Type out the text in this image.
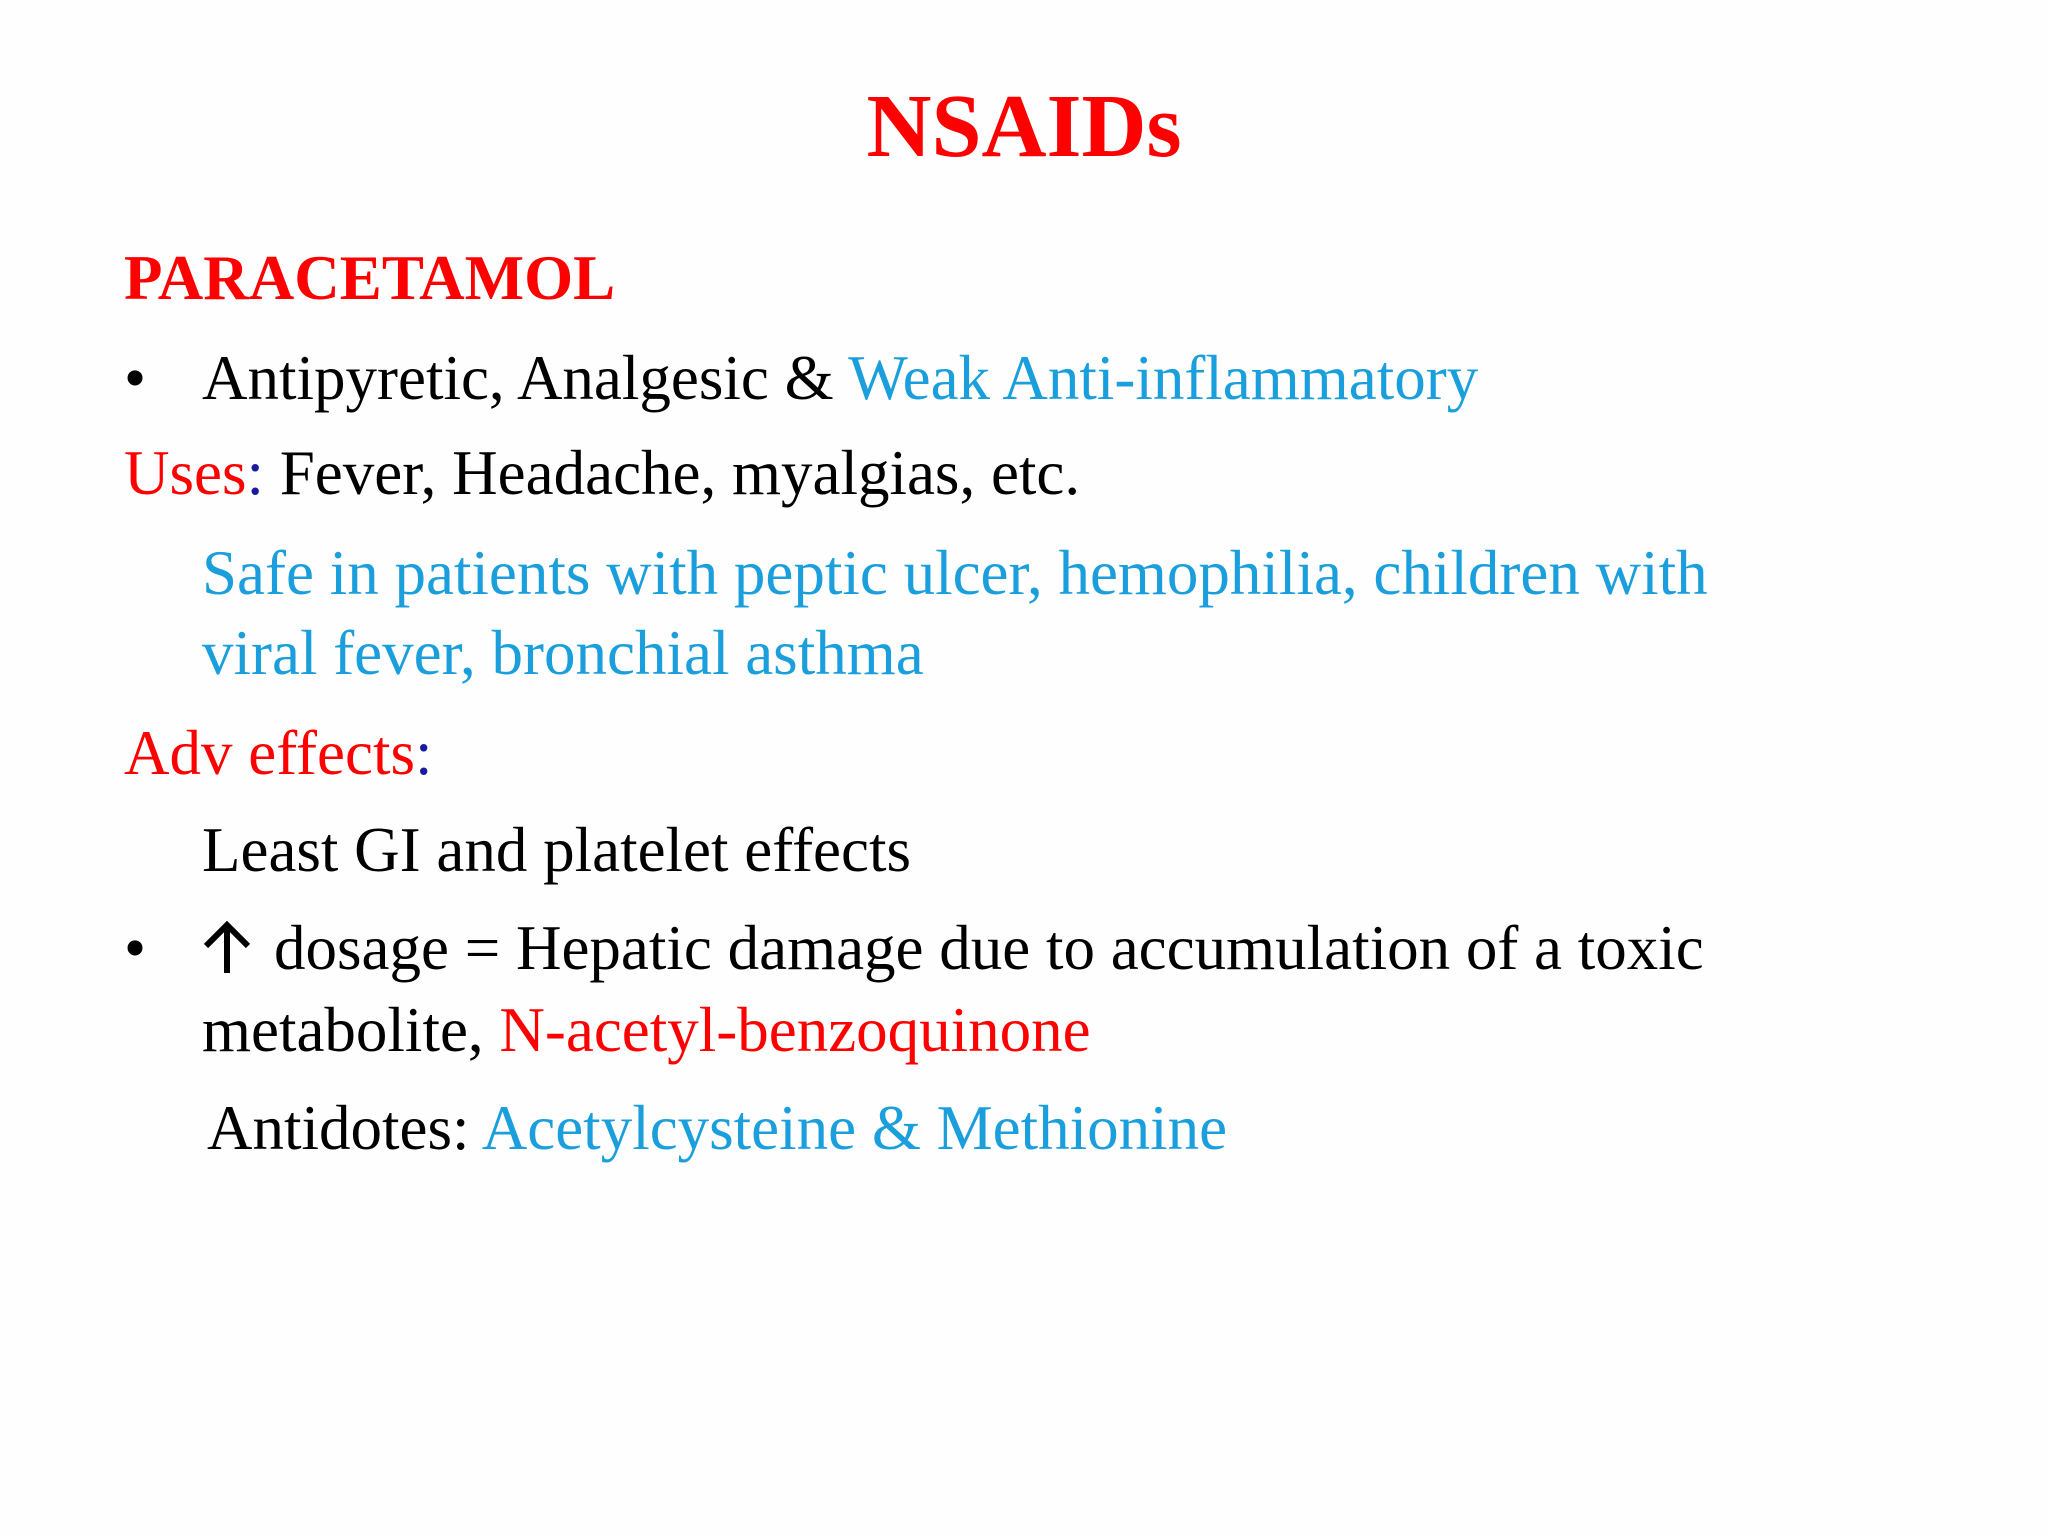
NSAIDs
PARACETAMOL
• Antipyretic, Analgesic & Weak Anti-inflammatory
Uses: Fever, Headache, myalgias, etc.
Safe in patients with peptic ulcer, hemophilia, children with
viral fever, bronchial asthma
Adv effects:
Least GI and platelet effects
•	dosage = Hepatic damage due to accumulation of a toxic
metabolite, N-acetyl-benzoquinone
Antidotes: Acetylcysteine & Methionine
